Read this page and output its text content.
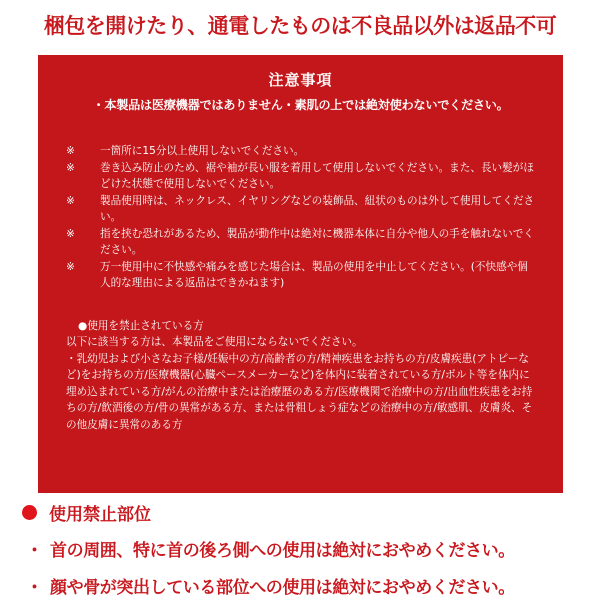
梱包を開けたり、通電したものは不良品以外は返品不可
注意事項
・本製品は医療機器ではありません・素肌の上では絶対使わないでください。
※	一箇所に15分以上使用しないでください。
※	巻き込み防止のため、裾や袖が長い服を着用して使用しないでください。また、長い髪がほどけた状態で使用しないでください。
※	製品使用時は、ネックレス、イヤリングなどの装飾品、紐状のものは外して使用してください。
※	指を挟む恐れがあるため、製品が動作中は絶対に機器本体に自分や他人の手を触れないでください。
※	万一使用中に不快感や痛みを感じた場合は、製品の使用を中止してください。(不快感や個人的な理由による返品はできかねます)
●使用を禁止されている方
以下に該当する方は、本製品をご使用にならないでください。
・乳幼児および小さなお子様/妊娠中の方/高齢者の方/精神疾患をお持ちの方/皮膚疾患(アトピーなど)をお持ちの方/医療機器(心臓ペースメーカーなど)を体内に装着されている方/ボルト等を体内に埋め込まれている方/がんの治療中または治療歴のある方/医療機関で治療中の方/出血性疾患をお持ちの方/飲酒後の方/骨の異常がある方、または骨粗しょう症などの治療中の方/敏感肌、皮膚炎、その他皮膚に異常のある方
使用禁止部位
・ 首の周囲、特に首の後ろ側への使用は絶対におやめください。
・ 顔や骨が突出している部位への使用は絶対におやめください。
